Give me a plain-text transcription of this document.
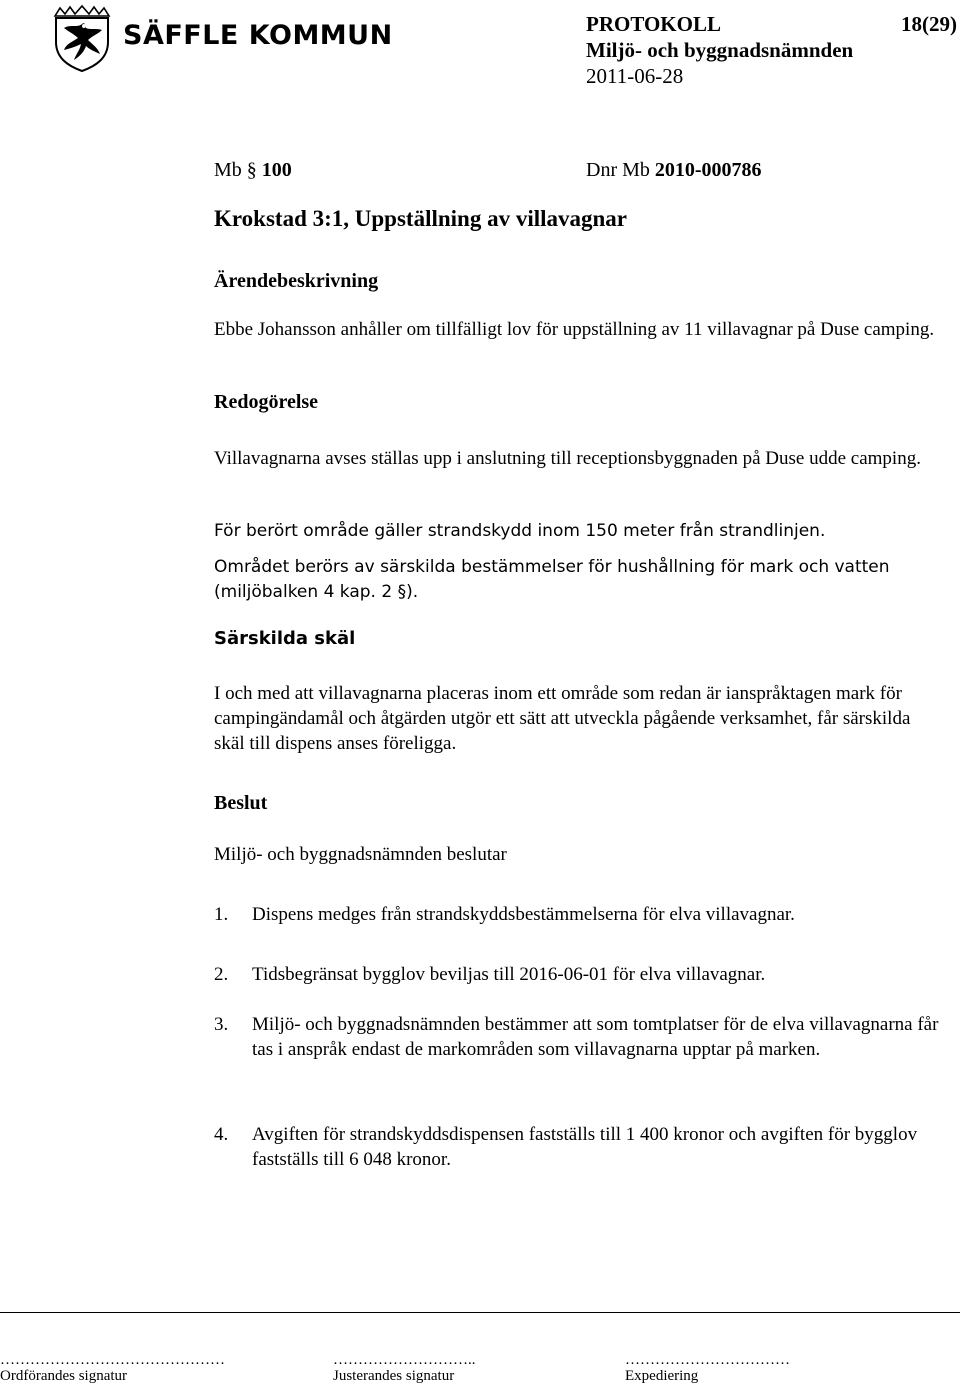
SÄFFLE KOMMUN	PROTOKOLL	18(29)
Miljö- och byggnadsnämnden
2011-06-28
Mb § 100	Dnr Mb 2010-000786
Krokstad 3:1, Uppställning av villavagnar
Ärendebeskrivning
Ebbe Johansson anhåller om tillfälligt lov för uppställning av 11 villavagnar på Duse camping.
Redogörelse
Villavagnarna avses ställas upp i anslutning till receptionsbyggnaden på Duse udde camping.
För berört område gäller strandskydd inom 150 meter från strandlinjen.
Området berörs av särskilda bestämmelser för hushållning för mark och vatten (miljöbalken 4 kap. 2 §).
Särskilda skäl
I och med att villavagnarna placeras inom ett område som redan är ianspråktagen mark för campingändamål och åtgärden utgör ett sätt att utveckla pågående verksamhet, får särskilda skäl till dispens anses föreligga.
Beslut
Miljö- och byggnadsnämnden beslutar
1. Dispens medges från strandskyddsbestämmelserna för elva villavagnar.
2. Tidsbegränsat bygglov beviljas till 2016-06-01 för elva villavagnar.
3. Miljö- och byggnadsnämnden bestämmer att som tomtplatser för de elva villavagnarna får tas i anspråk endast de markområden som villavagnarna upptar på marken.
4. Avgiften för strandskyddsdispensen fastställs till 1 400 kronor och avgiften för bygglov fastställs till 6 048 kronor.
………………………………………	………………………..	……………………………
Ordförandes signatur	Justerandes signatur	Expediering
